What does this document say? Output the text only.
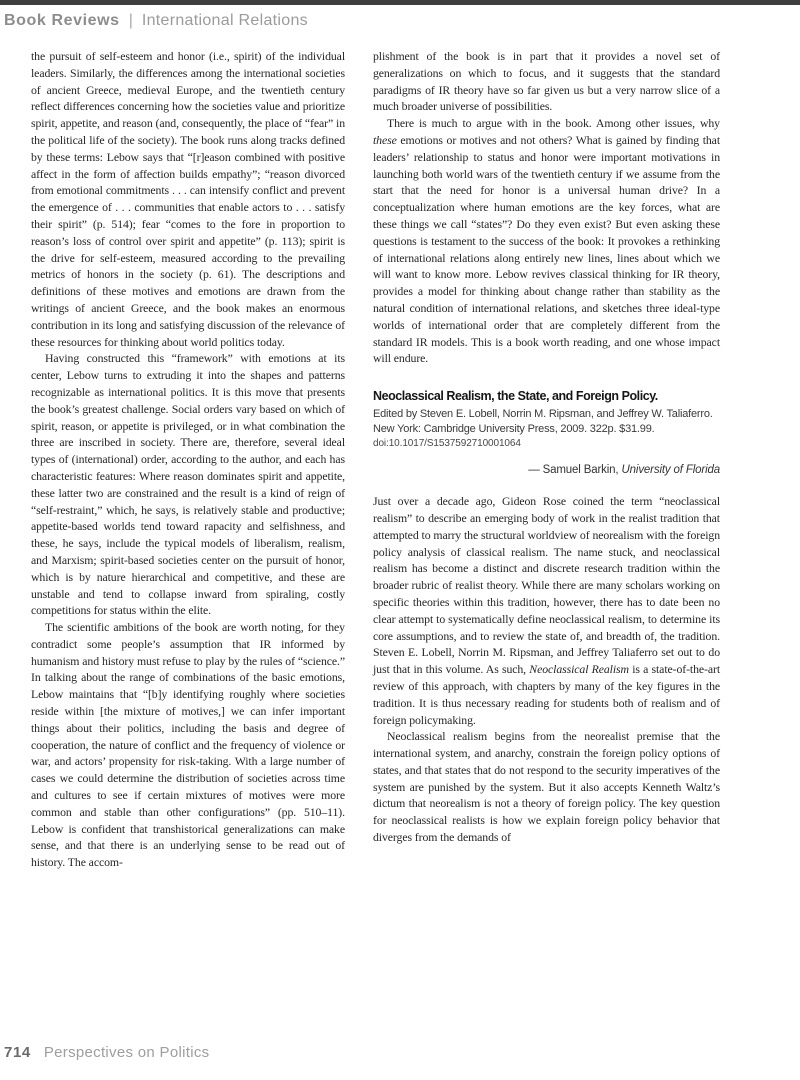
Book Reviews | International Relations

the pursuit of self-esteem and honor (i.e., spirit) of the individual leaders. Similarly, the differences among the international societies of ancient Greece, medieval Europe, and the twentieth century reflect differences concerning how the societies value and prioritize spirit, appetite, and reason (and, consequently, the place of “fear” in the political life of the society). The book runs along tracks defined by these terms: Lebow says that “[r]eason combined with positive affect in the form of affection builds empathy”; “reason divorced from emotional commitments . . . can intensify conflict and prevent the emergence of . . . communities that enable actors to . . . satisfy their spirit” (p. 514); fear “comes to the fore in proportion to reason’s loss of control over spirit and appetite” (p. 113); spirit is the drive for self-esteem, measured according to the prevailing metrics of honors in the society (p. 61). The descriptions and definitions of these motives and emotions are drawn from the writings of ancient Greece, and the book makes an enormous contribution in its long and satisfying discussion of the relevance of these resources for thinking about world politics today.

Having constructed this “framework” with emotions at its center, Lebow turns to extruding it into the shapes and patterns recognizable as international politics. It is this move that presents the book’s greatest challenge. Social orders vary based on which of spirit, reason, or appetite is privileged, or in what combination the three are inscribed in society. There are, therefore, several ideal types of (international) order, according to the author, and each has characteristic features: Where reason dominates spirit and appetite, these latter two are constrained and the result is a kind of reign of “self-restraint,” which, he says, is relatively stable and productive; appetite-based worlds tend toward rapacity and selfishness, and these, he says, include the typical models of liberalism, realism, and Marxism; spirit-based societies center on the pursuit of honor, which is by nature hierarchical and competitive, and these are unstable and tend to collapse inward from spiraling, costly competitions for status within the elite.

The scientific ambitions of the book are worth noting, for they contradict some people’s assumption that IR informed by humanism and history must refuse to play by the rules of “science.” In talking about the range of combinations of the basic emotions, Lebow maintains that “[b]y identifying roughly where societies reside within [the mixture of motives,] we can infer important things about their politics, including the basis and degree of cooperation, the nature of conflict and the frequency of violence or war, and actors’ propensity for risk-taking. With a large number of cases we could determine the distribution of societies across time and cultures to see if certain mixtures of motives were more common and stable than other configurations” (pp. 510–11). Lebow is confident that transhistorical generalizations can make sense, and that there is an underlying sense to be read out of history. The accom-

plishment of the book is in part that it provides a novel set of generalizations on which to focus, and it suggests that the standard paradigms of IR theory have so far given us but a very narrow slice of a much broader universe of possibilities.

There is much to argue with in the book. Among other issues, why these emotions or motives and not others? What is gained by finding that leaders’ relationship to status and honor were important motivations in launching both world wars of the twentieth century if we assume from the start that the need for honor is a universal human drive? In a conceptualization where human emotions are the key forces, what are these things we call “states”? Do they even exist? But even asking these questions is testament to the success of the book: It provokes a rethinking of international relations along entirely new lines, lines about which we will want to know more. Lebow revives classical thinking for IR theory, provides a model for thinking about change rather than stability as the natural condition of international relations, and sketches three ideal-type worlds of international order that are completely different from the standard IR models. This is a book worth reading, and one whose impact will endure.

Neoclassical Realism, the State, and Foreign Policy.

Edited by Steven E. Lobell, Norrin M. Ripsman, and Jeffrey W. Taliaferro. New York: Cambridge University Press, 2009. 322p. $31.99.

doi:10.1017/S1537592710001064

— Samuel Barkin, University of Florida

Just over a decade ago, Gideon Rose coined the term “neoclassical realism” to describe an emerging body of work in the realist tradition that attempted to marry the structural worldview of neorealism with the foreign policy analysis of classical realism. The name stuck, and neoclassical realism has become a distinct and discrete research tradition within the broader rubric of realist theory. While there are many scholars working on specific theories within this tradition, however, there has to date been no clear attempt to systematically define neoclassical realism, to determine its core assumptions, and to review the state of, and breadth of, the tradition. Steven E. Lobell, Norrin M. Ripsman, and Jeffrey Taliaferro set out to do just that in this volume. As such, Neoclassical Realism is a state-of-the-art review of this approach, with chapters by many of the key figures in the tradition. It is thus necessary reading for students both of realism and of foreign policymaking.

Neoclassical realism begins from the neorealist premise that the international system, and anarchy, constrain the foreign policy options of states, and that states that do not respond to the security imperatives of the system are punished by the system. But it also accepts Kenneth Waltz’s dictum that neorealism is not a theory of foreign policy. The key question for neoclassical realists is how we explain foreign policy behavior that diverges from the demands of

714 Perspectives on Politics
